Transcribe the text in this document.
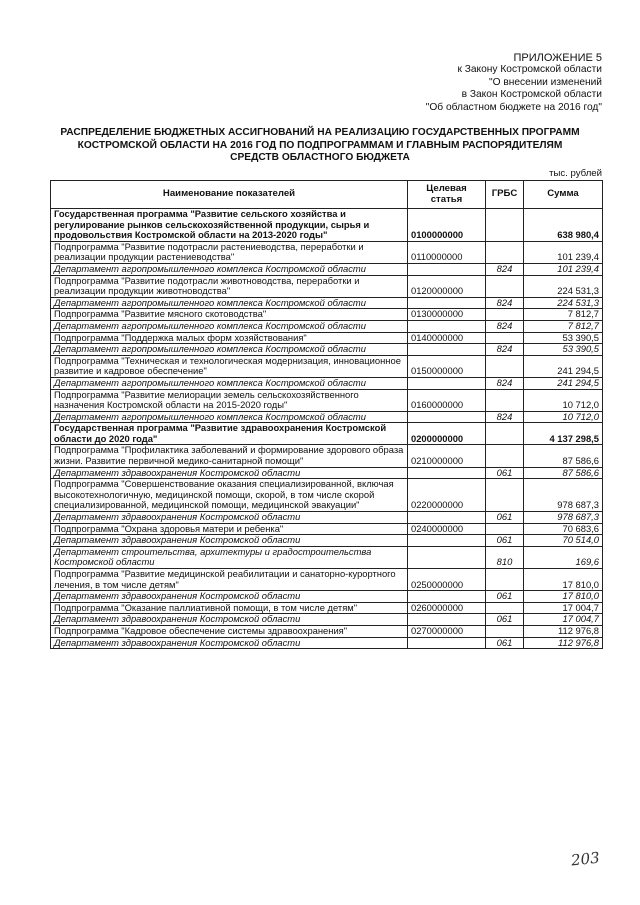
ПРИЛОЖЕНИЕ 5
к Закону Костромской области
"О внесении изменений
в Закон Костромской области
"Об областном бюджете на 2016 год"
РАСПРЕДЕЛЕНИЕ БЮДЖЕТНЫХ АССИГНОВАНИЙ НА РЕАЛИЗАЦИЮ ГОСУДАРСТВЕННЫХ ПРОГРАММ КОСТРОМСКОЙ ОБЛАСТИ НА 2016 ГОД ПО ПОДПРОГРАММАМ И ГЛАВНЫМ РАСПОРЯДИТЕЛЯМ СРЕДСТВ ОБЛАСТНОГО БЮДЖЕТА
тыс. рублей
Наименование показателей	Целевая статья	ГРБС	Сумма
Государственная программа "Развитие сельского хозяйства и регулирование рынков сельскохозяйственной продукции, сырья и продовольствия Костромской области на 2013-2020 годы"	0100000000		638 980,4
Подпрограмма "Развитие подотрасли растениеводства, переработки и реализации продукции растениеводства"	0110000000		101 239,4
Департамент агропромышленного комплекса Костромской области		824	101 239,4
Подпрограмма "Развитие подотрасли животноводства, переработки и реализации продукции животноводства"	0120000000		224 531,3
Департамент агропромышленного комплекса Костромской области		824	224 531,3
Подпрограмма "Развитие мясного скотоводства"	0130000000		7 812,7
Департамент агропромышленного комплекса Костромской области		824	7 812,7
Подпрограмма "Поддержка малых форм хозяйствования"	0140000000		53 390,5
Департамент агропромышленного комплекса Костромской области		824	53 390,5
Подпрограмма "Техническая и технологическая модернизация, инновационное развитие и кадровое обеспечение"	0150000000		241 294,5
Департамент агропромышленного комплекса Костромской области		824	241 294,5
Подпрограмма "Развитие мелиорации земель сельскохозяйственного назначения Костромской области на 2015-2020 годы"	0160000000		10 712,0
Департамент агропромышленного комплекса Костромской области		824	10 712,0
Государственная программа "Развитие здравоохранения Костромской области до 2020 года"	0200000000		4 137 298,5
Подпрограмма "Профилактика заболеваний и формирование здорового образа жизни. Развитие первичной медико-санитарной помощи"	0210000000		87 586,6
Департамент здравоохранения Костромской области		061	87 586,6
Подпрограмма "Совершенствование оказания специализированной, включая высокотехнологичную, медицинской помощи, скорой, в том числе скорой специализированной, медицинской помощи, медицинской эвакуации"	0220000000		978 687,3
Департамент здравоохранения Костромской области		061	978 687,3
Подпрограмма "Охрана здоровья матери и ребенка"	0240000000		70 683,6
Департамент здравоохранения Костромской области		061	70 514,0
Департамент строительства, архитектуры и градостроительства Костромской области		810	169,6
Подпрограмма "Развитие медицинской реабилитации и санаторно-курортного лечения, в том числе детям"	0250000000		17 810,0
Департамент здравоохранения Костромской области		061	17 810,0
Подпрограмма "Оказание паллиативной помощи, в том числе детям"	0260000000		17 004,7
Департамент здравоохранения Костромской области		061	17 004,7
Подпрограмма "Кадровое обеспечение системы здравоохранения"	0270000000		112 976,8
Департамент здравоохранения Костромской области		061	112 976,8
203
